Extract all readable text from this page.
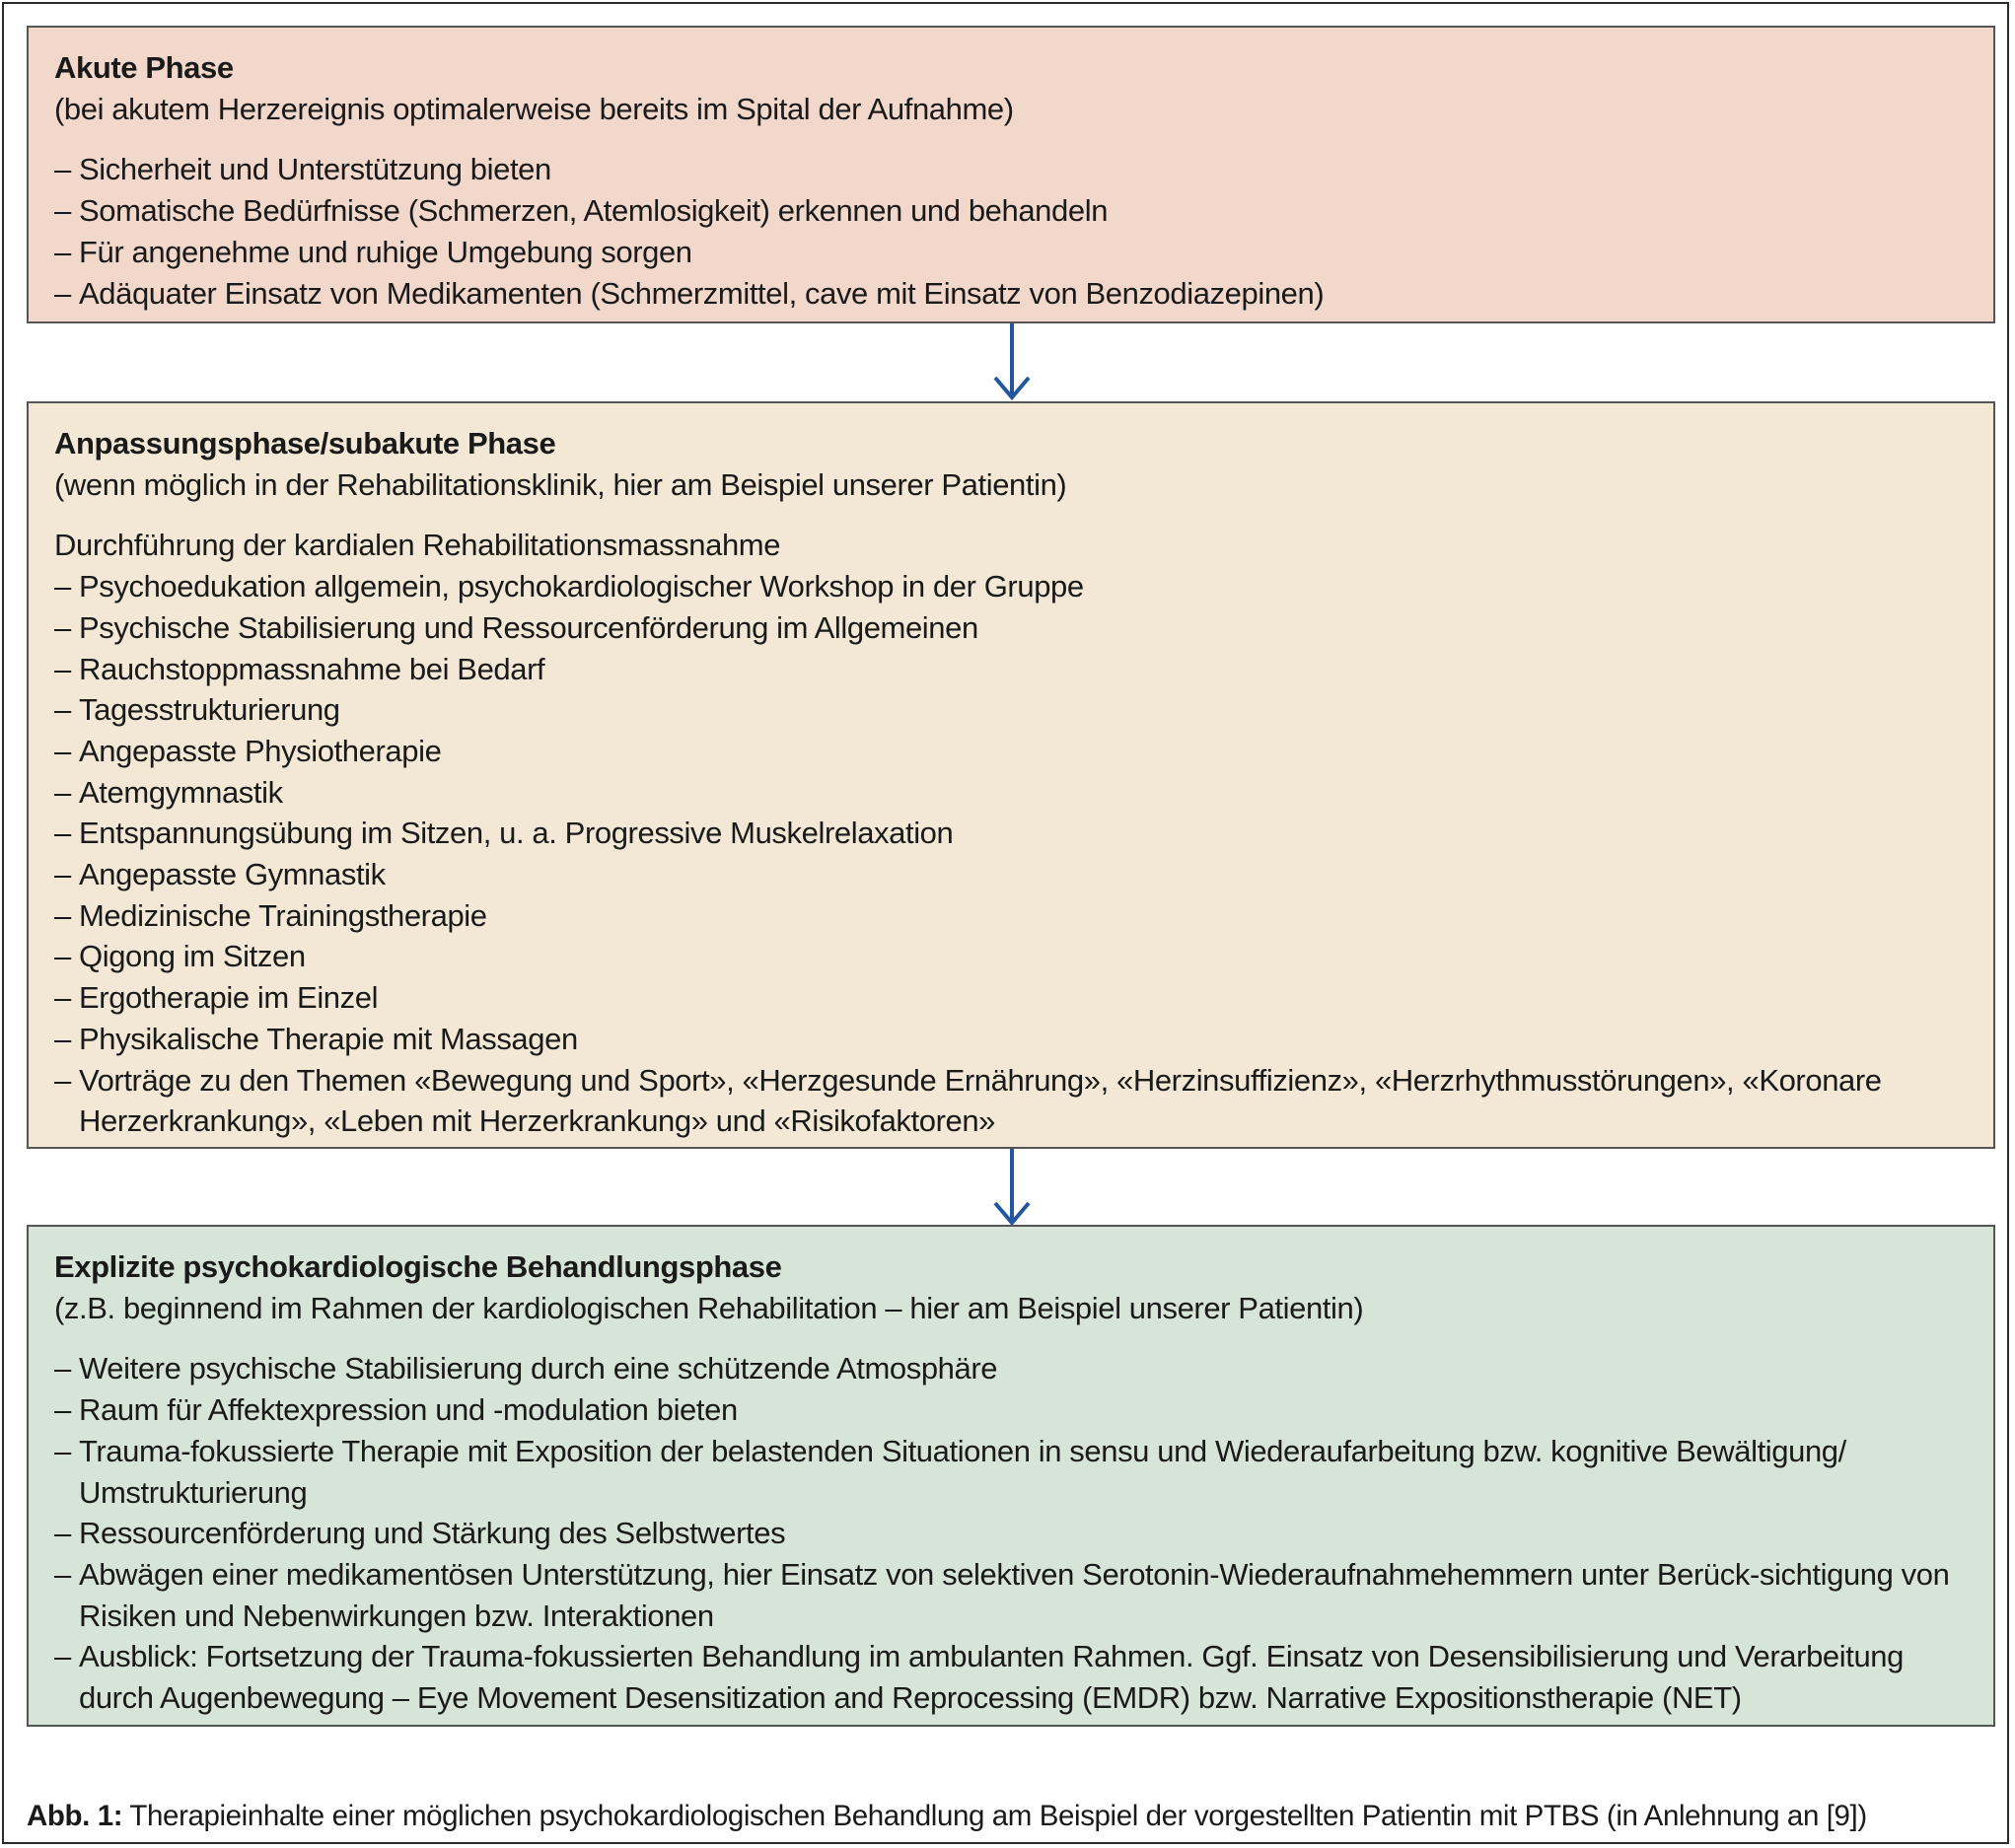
Akute Phase

(bei akutem Herzereignis optimalerweise bereits im Spital der Aufnahme)

– Sicherheit und Unterstützung bieten
– Somatische Bedürfnisse (Schmerzen, Atemlosigkeit) erkennen und behandeln
– Für angenehme und ruhige Umgebung sorgen
– Adäquater Einsatz von Medikamenten (Schmerzmittel, cave mit Einsatz von Benzodiazepinen)

Anpassungsphase/subakute Phase

(wenn möglich in der Rehabilitationsklinik, hier am Beispiel unserer Patientin)

Durchführung der kardialen Rehabilitationsmassnahme

– Psychoedukation allgemein, psychokardiologischer Workshop in der Gruppe
– Psychische Stabilisierung und Ressourcenförderung im Allgemeinen
– Rauchstoppmassnahme bei Bedarf
– Tagesstrukturierung
– Angepasste Physiotherapie
– Atemgymnastik
– Entspannungsübung im Sitzen, u. a. Progressive Muskelrelaxation
– Angepasste Gymnastik
– Medizinische Trainingstherapie
– Qigong im Sitzen
– Ergotherapie im Einzel
– Physikalische Therapie mit Massagen
– Vorträge zu den Themen «Bewegung und Sport», «Herzgesunde Ernährung», «Herzinsuffizienz», «Herzrhythmusstörungen», «Koronare Herzerkrankung», «Leben mit Herzerkrankung» und «Risikofaktoren»

Explizite psychokardiologische Behandlungsphase

(z.B. beginnend im Rahmen der kardiologischen Rehabilitation – hier am Beispiel unserer Patientin)

– Weitere psychische Stabilisierung durch eine schützende Atmosphäre
– Raum für Affektexpression und -modulation bieten
– Trauma-fokussierte Therapie mit Exposition der belastenden Situationen in sensu und Wiederaufarbeitung bzw. kognitive Bewältigung/ Umstrukturierung
– Ressourcenförderung und Stärkung des Selbstwertes
– Abwägen einer medikamentösen Unterstützung, hier Einsatz von selektiven Serotonin-Wiederaufnahmehemmern unter Berück-sichtigung von Risiken und Nebenwirkungen bzw. Interaktionen
– Ausblick: Fortsetzung der Trauma-fokussierten Behandlung im ambulanten Rahmen. Ggf. Einsatz von Desensibilisierung und Verarbeitung durch Augenbewegung – Eye Movement Desensitization and Reprocessing (EMDR) bzw. Narrative Expositionstherapie (NET)
Abb. 1: Therapieinhalte einer möglichen psychokardiologischen Behandlung am Beispiel der vorgestellten Patientin mit PTBS (in Anlehnung an [9])
